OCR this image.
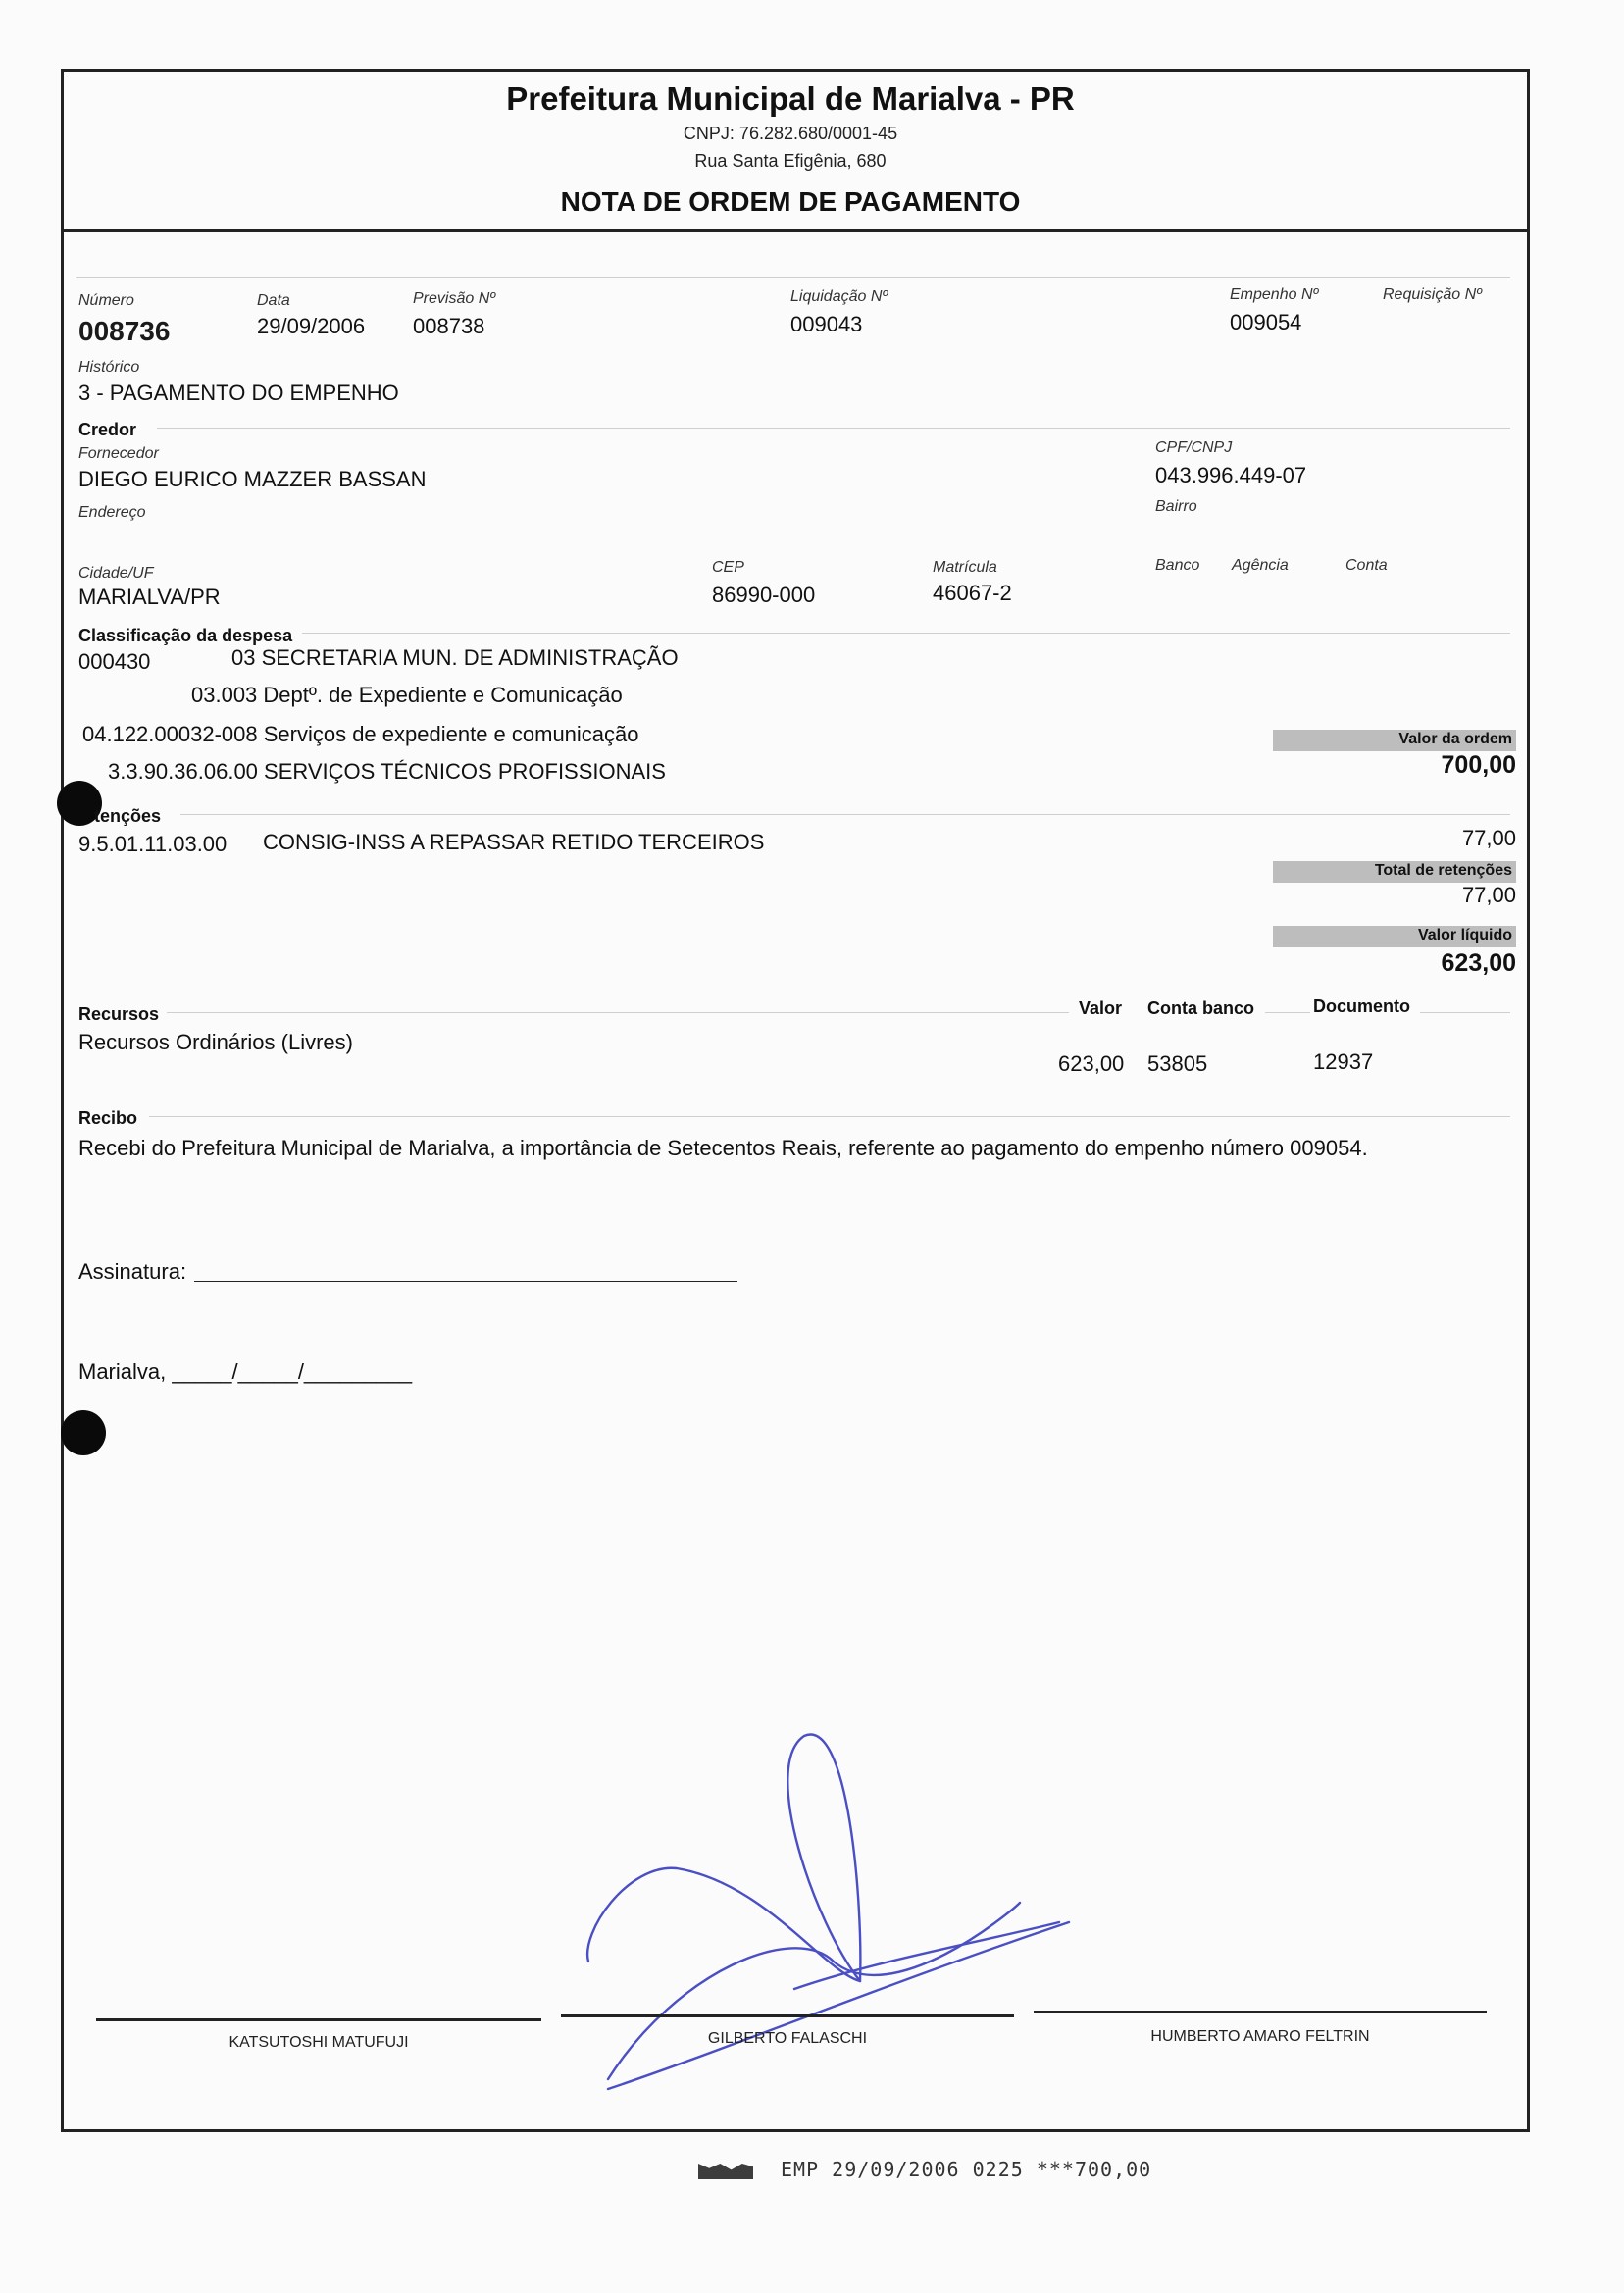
Prefeitura Municipal de Marialva - PR
CNPJ: 76.282.680/0001-45
Rua Santa Efigênia, 680
NOTA DE ORDEM DE PAGAMENTO
Número
008736
Data
29/09/2006
Previsão Nº
008738
Liquidação Nº
009043
Empenho Nº
009054
Requisição Nº
Histórico
3 - PAGAMENTO DO EMPENHO
Credor
Fornecedor
DIEGO EURICO MAZZER BASSAN
CPF/CNPJ
043.996.449-07
Endereço	Bairro
Cidade/UF
MARIALVA/PR
CEP
86990-000
Matrícula
46067-2
Banco Agência	Conta
Classificação da despesa
000430	03 SECRETARIA MUN. DE ADMINISTRAÇÃO
03.003 Deptº. de Expediente e Comunicação
04.122.00032-008 Serviços de expediente e comunicação
3.3.90.36.06.00 SERVIÇOS TÉCNICOS PROFISSIONAIS
Valor da ordem
700,00
tenções
9.5.01.11.03.00 CONSIG-INSS A REPASSAR RETIDO TERCEIROS	77,00
Total de retenções
77,00
Valor líquido
623,00
Recursos	Valor Conta banco	Documento
Recursos Ordinários (Livres)
623,00 53805	12937
Recibo
Recebi do Prefeitura Municipal de Marialva, a importância de Setecentos Reais, referente ao pagamento do empenho número 009054.
Assinatura:
Marialva, _____/_____/_________
KATSUTOSHI MATUFUJI	GILBERTO FALASCHI	HUMBERTO AMARO FELTRIN
EMP 29/09/2006 0225 ***700,00
